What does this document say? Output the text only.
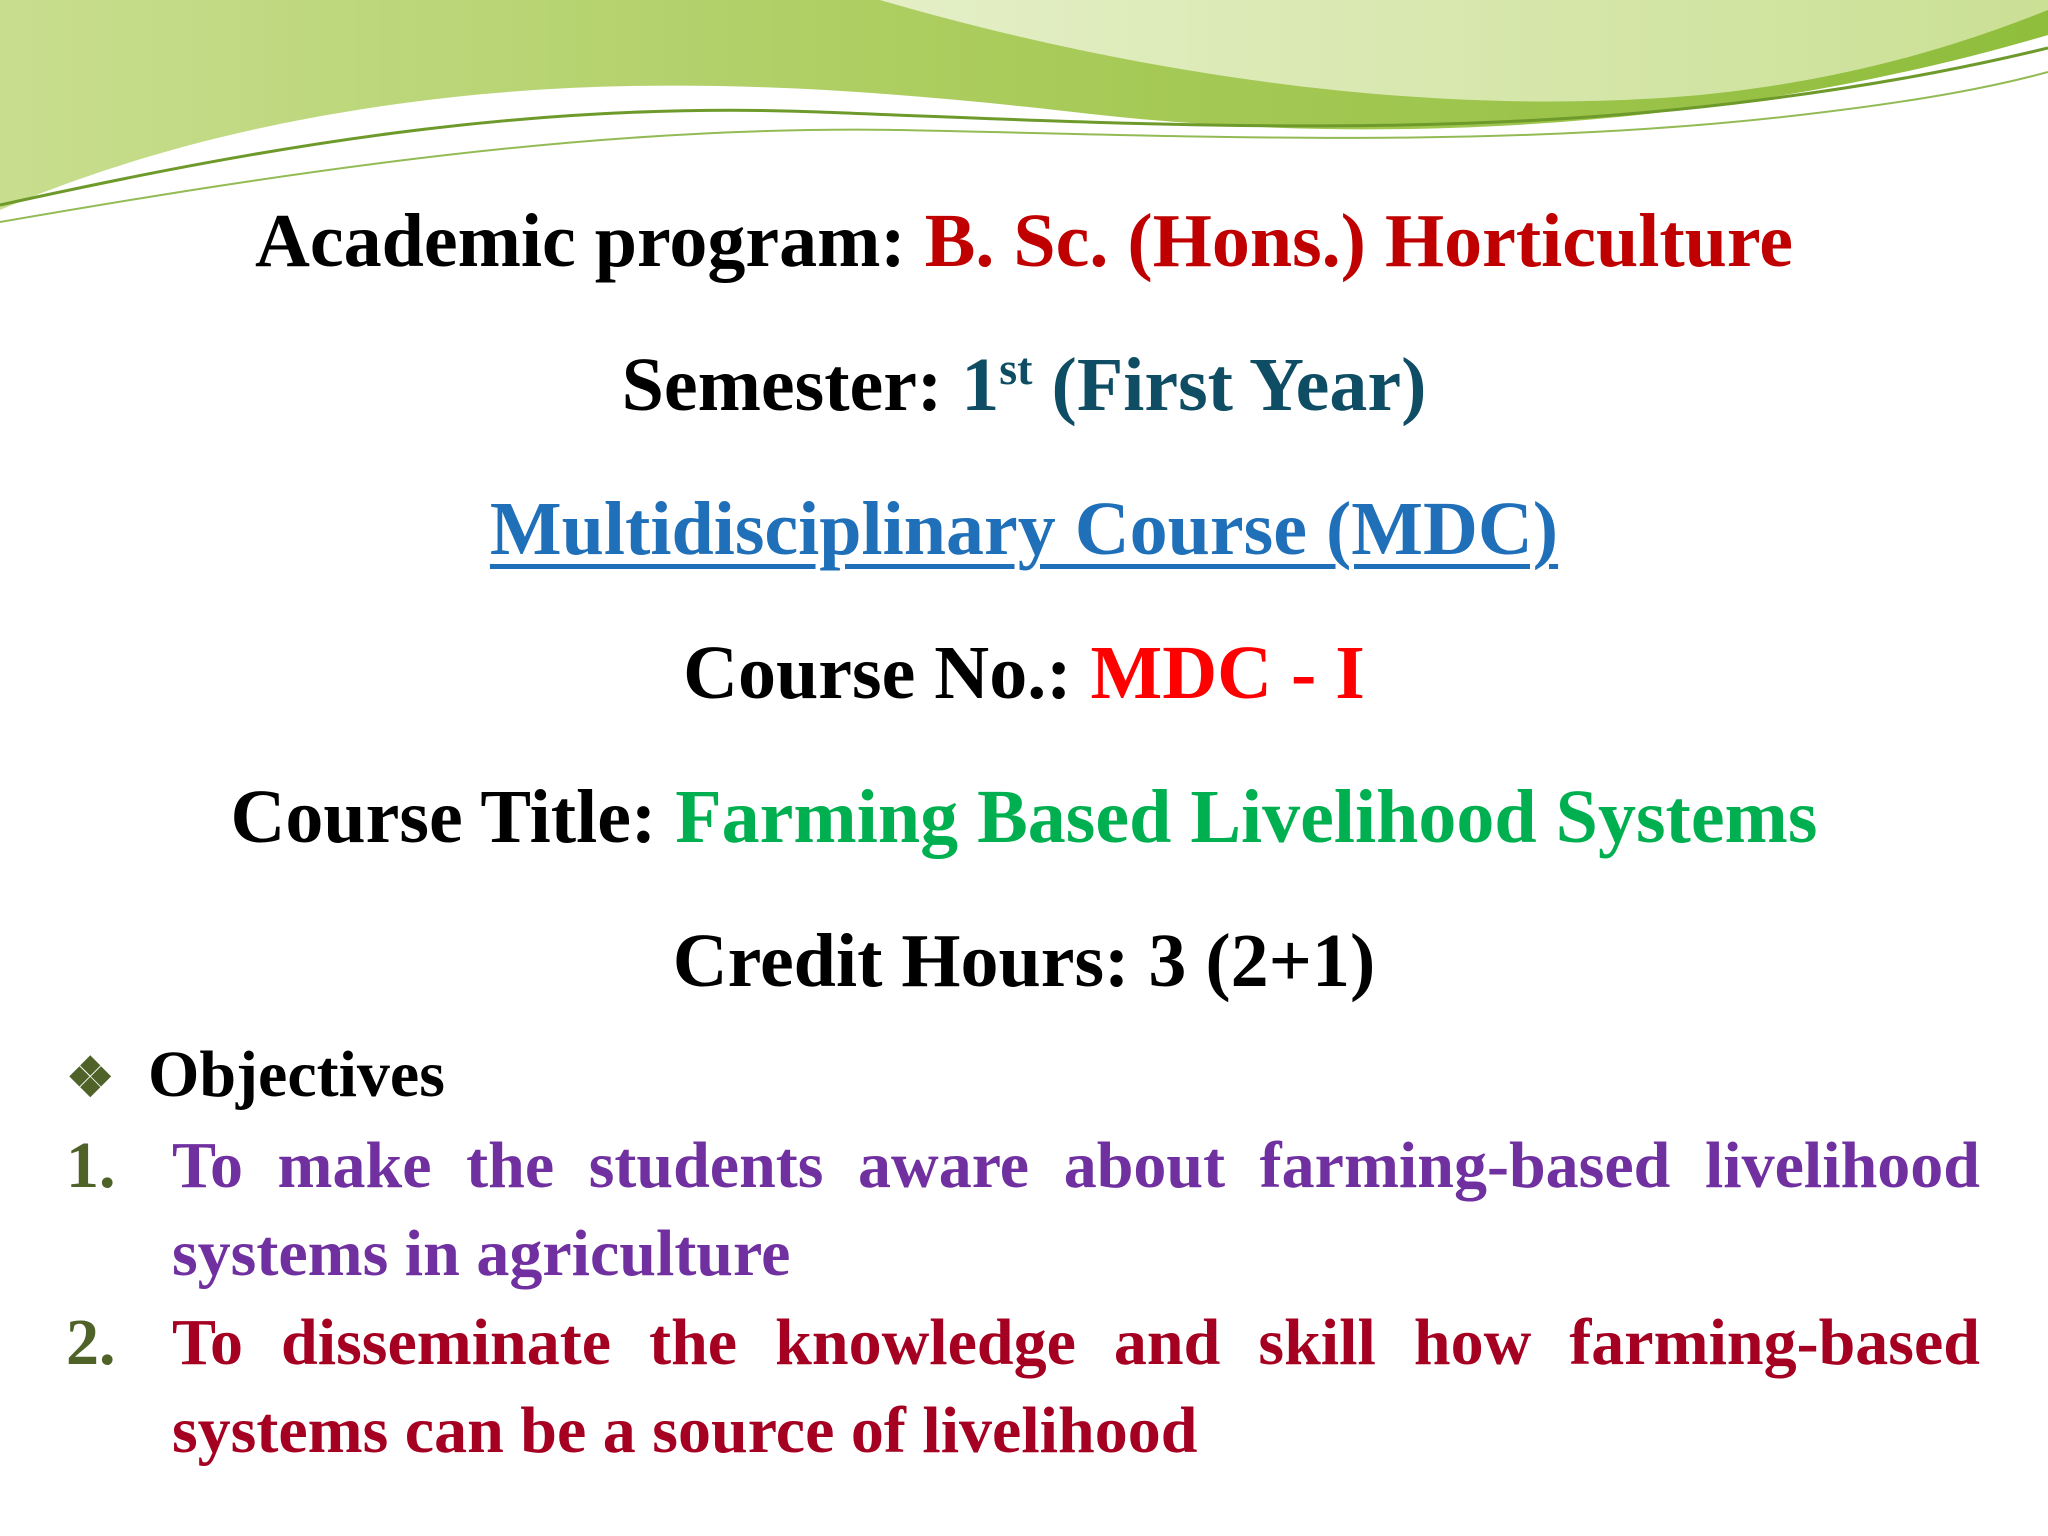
Academic program: B. Sc. (Hons.) Horticulture
Semester: 1st (First Year)
Multidisciplinary Course (MDC)
Course No.: MDC - I
Course Title: Farming Based Livelihood Systems
Credit Hours: 3 (2+1)
❖ Objectives
1. To make the students aware about farming-based livelihood systems in agriculture
2. To disseminate the knowledge and skill how farming-based systems can be a source of livelihood
